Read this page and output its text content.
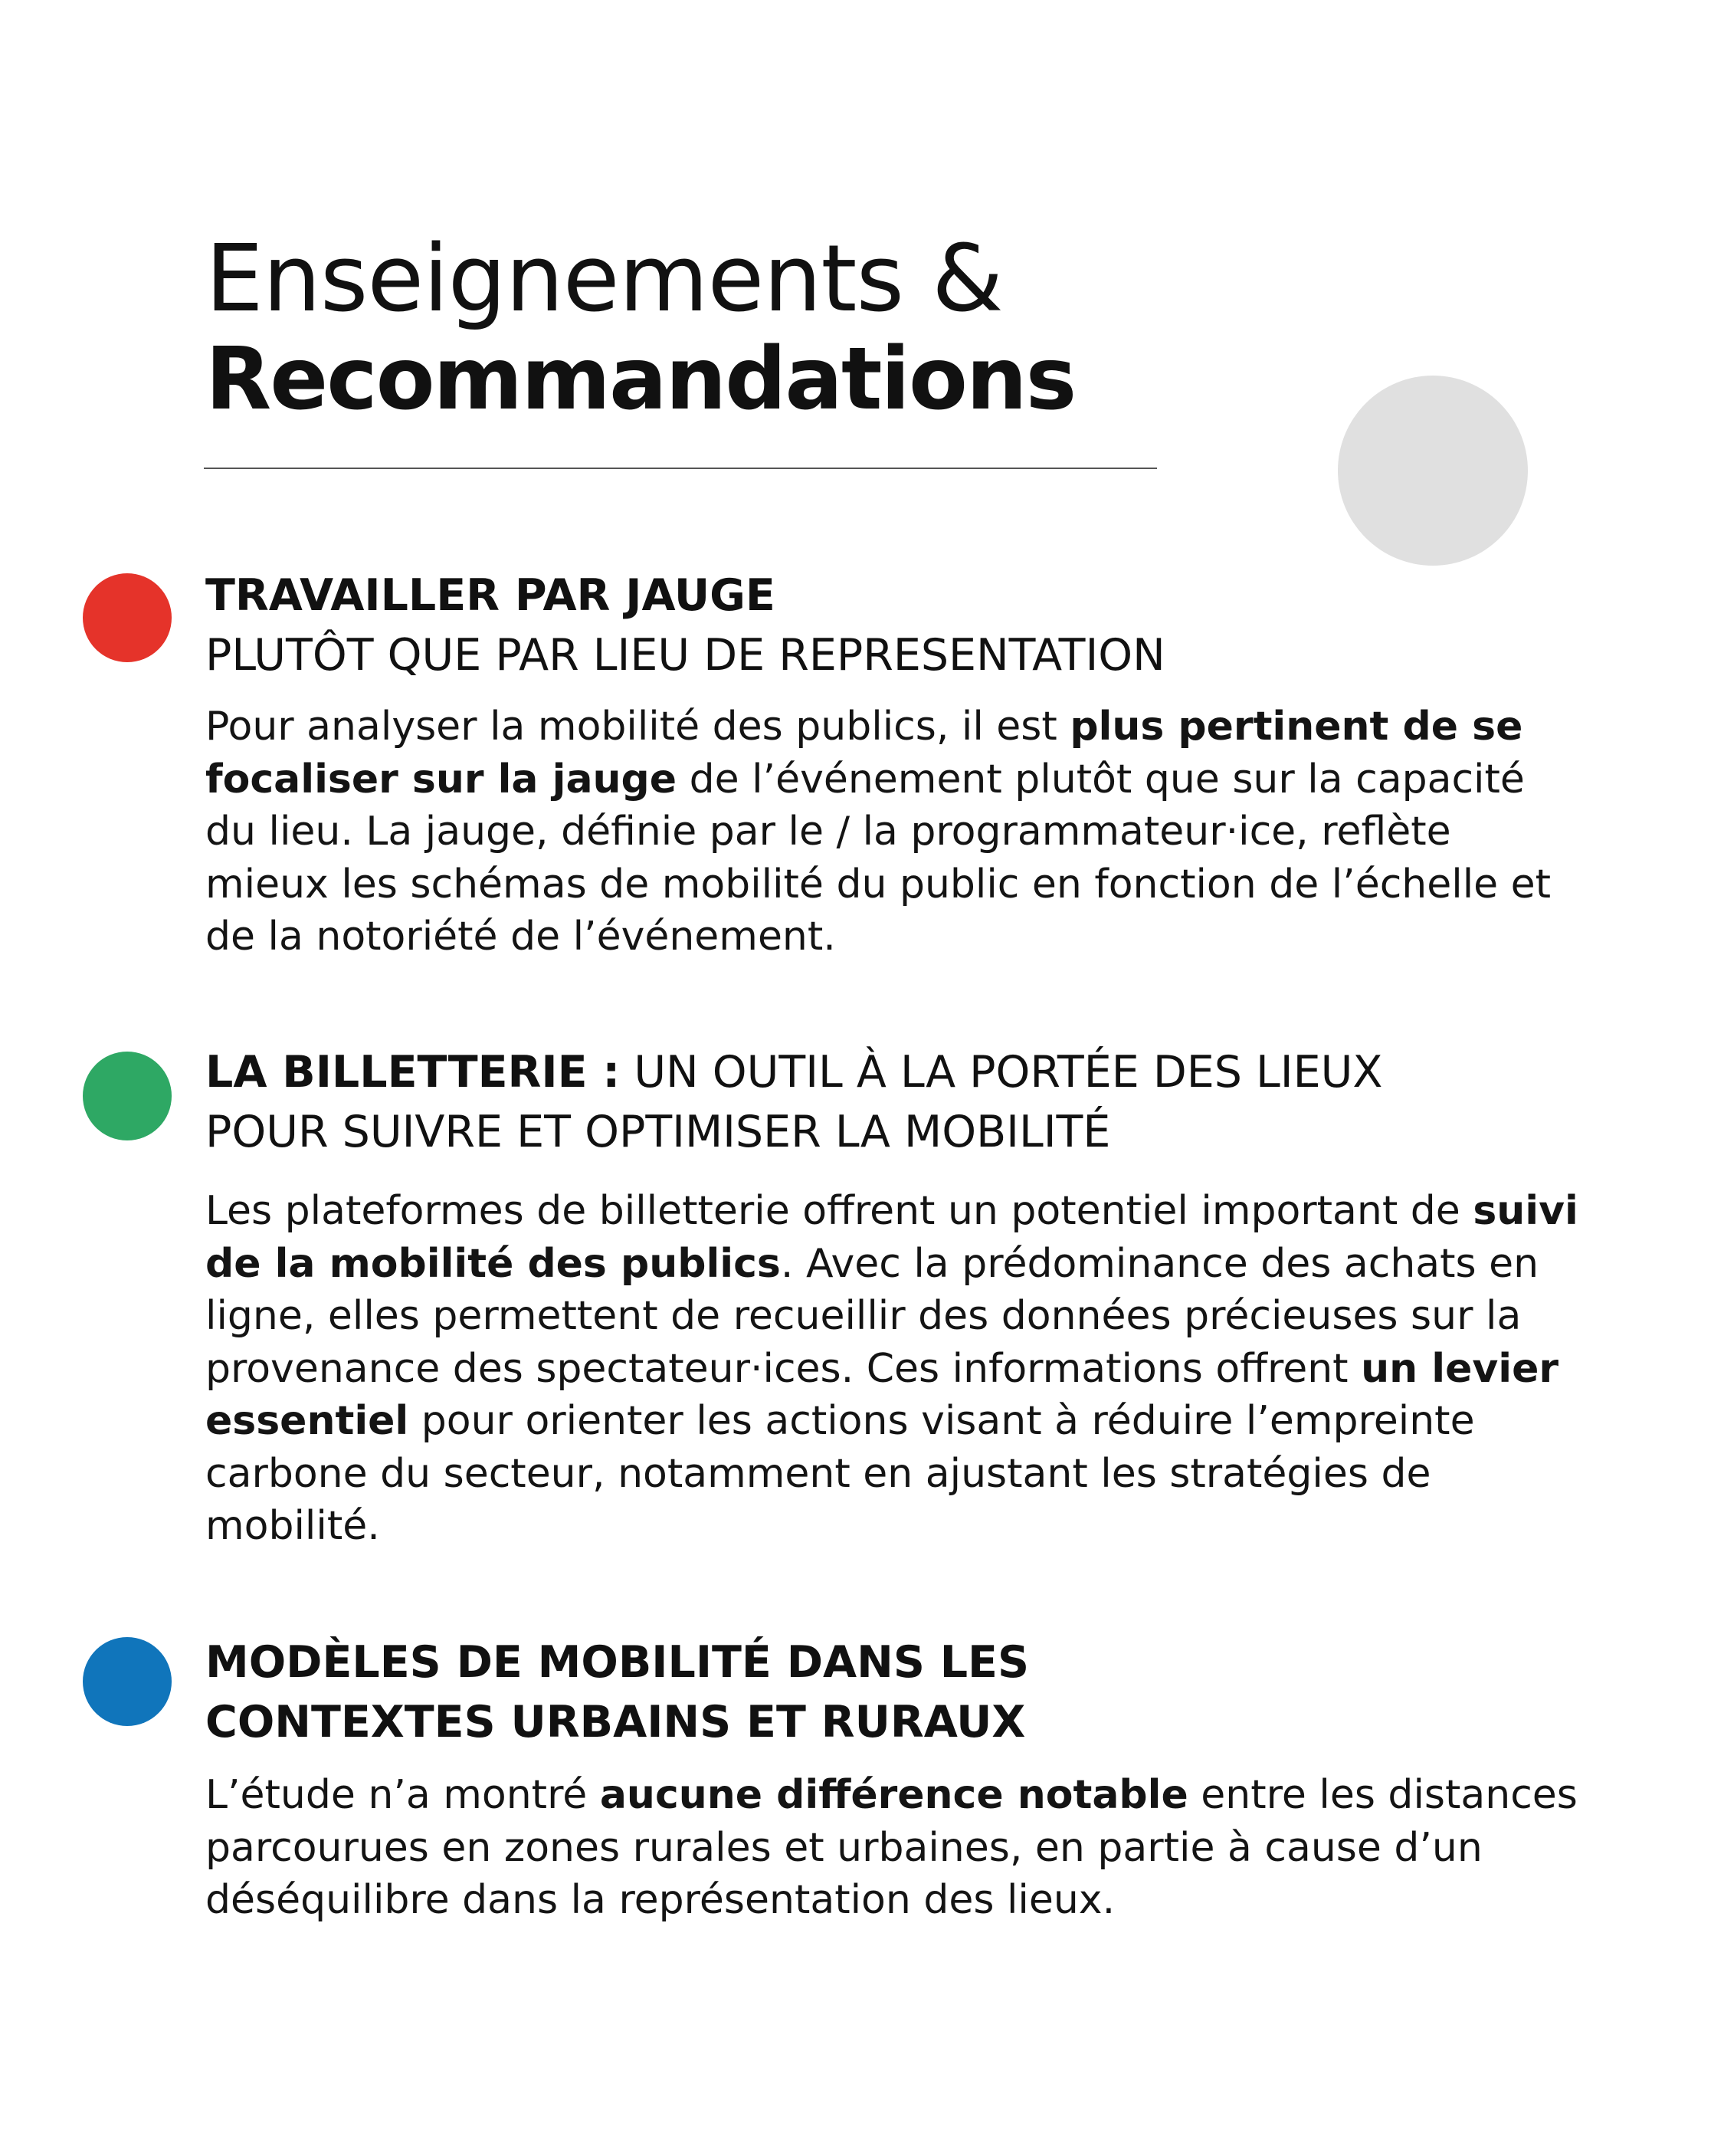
Enseignements &
Recommandations
TRAVAILLER PAR JAUGE
PLUTÔT QUE PAR LIEU DE REPRESENTATION

Pour analyser la mobilité des publics, il est plus pertinent de se focaliser sur la jauge de l’événement plutôt que sur la capacité du lieu. La jauge, définie par le / la programmateur·ice, reflète mieux les schémas de mobilité du public en fonction de l’échelle et de la notoriété de l’événement.

LA BILLETTERIE : UN OUTIL À LA PORTÉE DES LIEUX
POUR SUIVRE ET OPTIMISER LA MOBILITÉ

Les plateformes de billetterie offrent un potentiel important de suivi de la mobilité des publics. Avec la prédominance des achats en ligne, elles permettent de recueillir des données précieuses sur la provenance des spectateur·ices. Ces informations offrent un levier essentiel pour orienter les actions visant à réduire l’empreinte carbone du secteur, notamment en ajustant les stratégies de mobilité.

MODÈLES DE MOBILITÉ DANS LES
CONTEXTES URBAINS ET RURAUX

L’étude n’a montré aucune différence notable entre les distances parcourues en zones rurales et urbaines, en partie à cause d’un déséquilibre dans la représentation des lieux.
